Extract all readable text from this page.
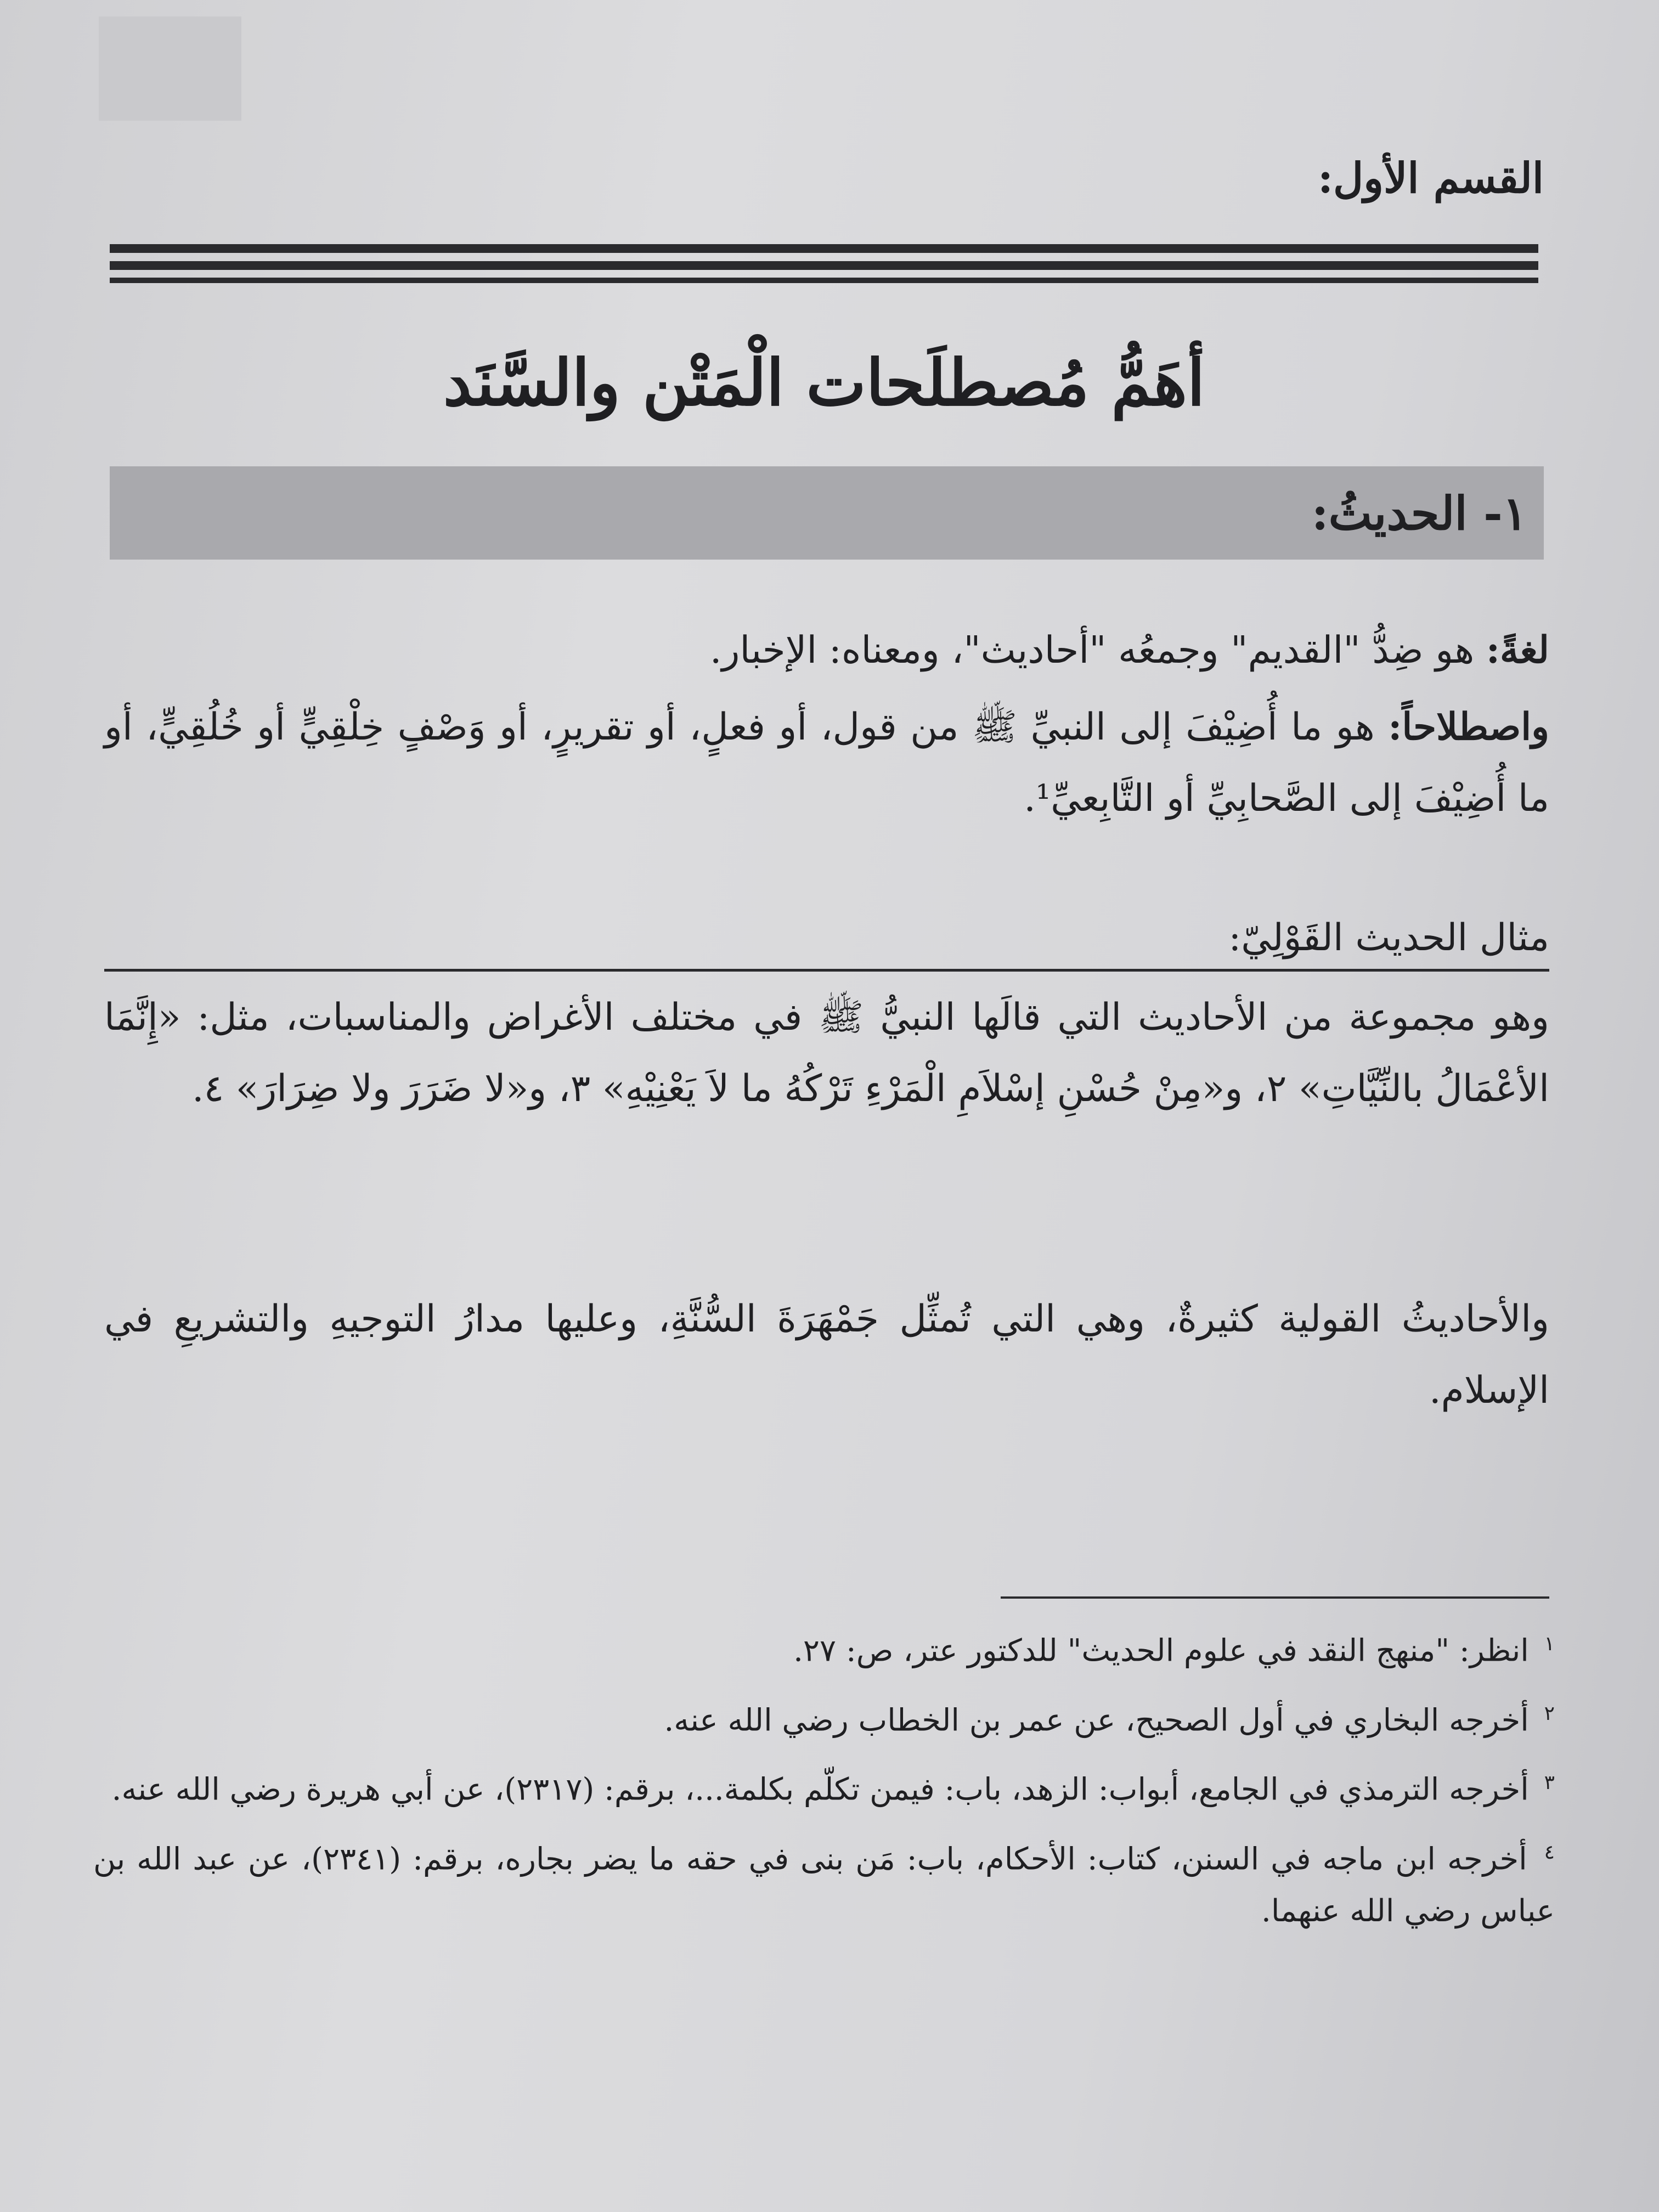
القسم الأول:
أهَمُّ مُصطلَحات الْمَتْن والسَّنَد
١- الحديثُ:

لغةً: هو ضِدُّ "القديم" وجمعُه "أحاديث"، ومعناه: الإخبار.

واصطلاحاً: هو ما أُضِيْفَ إلى النبيِّ ﷺ من قول، أو فعلٍ، أو تقريرٍ، أو وَصْفٍ خِلْقِيٍّ أو خُلُقِيٍّ، أو ما أُضِيْفَ إلى الصَّحابِيِّ أو التَّابِعيِّ¹.

مثال الحديث القَوْلِيّ:

وهو مجموعة من الأحاديث التي قالَها النبيُّ ﷺ في مختلف الأغراض والمناسبات، مثل: «إِنَّمَا الأعْمَالُ بالنِّيَّاتِ» ٢، و«مِنْ حُسْنِ إسْلاَمِ الْمَرْءِ تَرْكُهُ ما لاَ يَعْنِيْهِ» ٣، و«لا ضَرَرَ ولا ضِرَارَ» ٤.

والأحاديثُ القولية كثيرةٌ، وهي التي تُمثِّل جَمْهَرَةَ السُّنَّةِ، وعليها مدارُ التوجيهِ والتشريعِ في الإسلام.

$^١$ انظر: "منهج النقد في علوم الحديث" للدكتور عتر، ص: ٢٧.
$^٢$ أخرجه البخاري في أول الصحيح، عن عمر بن الخطاب رضي الله عنه.
$^٣$ أخرجه الترمذي في الجامع، أبواب: الزهد، باب: فيمن تكلّم بكلمة...، برقم: (٢٣١٧)، عن أبي هريرة رضي الله عنه.
$^٤$ أخرجه ابن ماجه في السنن، كتاب: الأحكام، باب: مَن بنى في حقه ما يضر بجاره، برقم: (٢٣٤١)، عن عبد الله بن عباس رضي الله عنهما.
